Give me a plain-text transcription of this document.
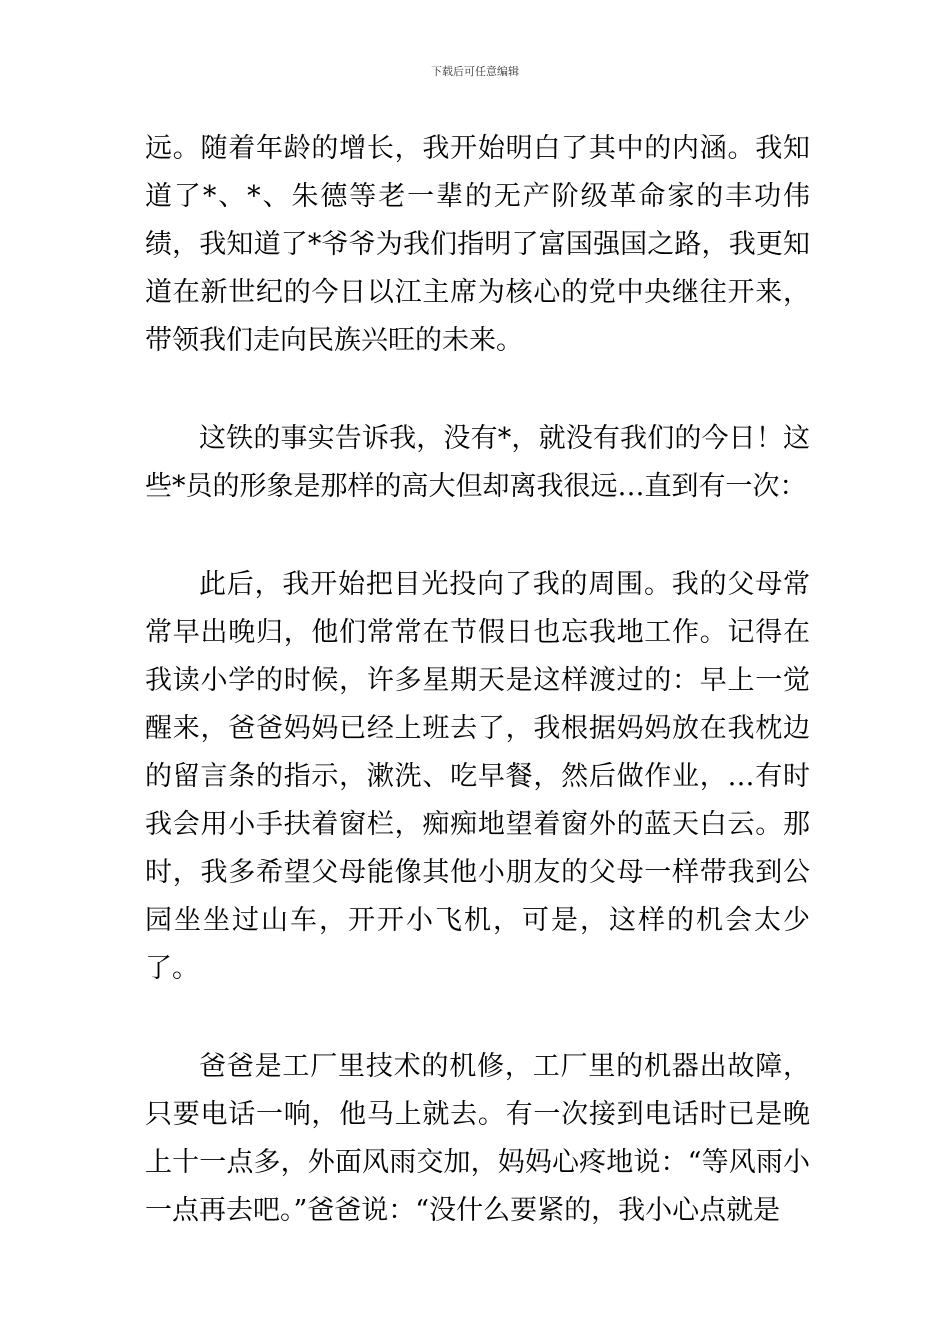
下载后可任意编辑

远。随着年龄的增长，我开始明白了其中的内涵。我知道了*、*、朱德等老一辈的无产阶级革命家的丰功伟绩，我知道了*爷爷为我们指明了富国强国之路，我更知道在新世纪的今日以江主席为核心的党中央继往开来，带领我们走向民族兴旺的未来。

这铁的事实告诉我，没有*，就没有我们的今日！这些*员的形象是那样的高大但却离我很远…直到有一次：

此后，我开始把目光投向了我的周围。我的父母常常早出晚归，他们常常在节假日也忘我地工作。记得在我读小学的时候，许多星期天是这样渡过的：早上一觉醒来，爸爸妈妈已经上班去了，我根据妈妈放在我枕边的留言条的指示，漱洗、吃早餐，然后做作业，…有时我会用小手扶着窗栏，痴痴地望着窗外的蓝天白云。那时，我多希望父母能像其他小朋友的父母一样带我到公园坐坐过山车，开开小飞机，可是，这样的机会太少了。

爸爸是工厂里技术的机修，工厂里的机器出故障，只要电话一响，他马上就去。有一次接到电话时已是晚上十一点多，外面风雨交加，妈妈心疼地说：“等风雨小一点再去吧。”爸爸说：“没什么要紧的，我小心点就是
